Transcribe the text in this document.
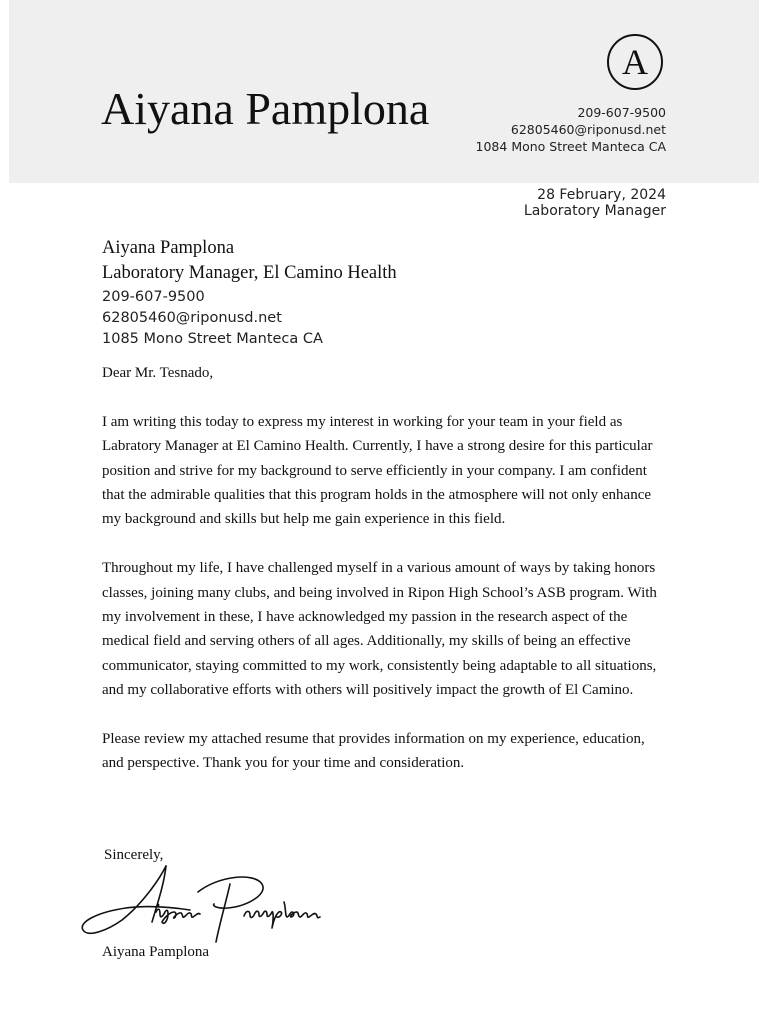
Aiyana Pamplona
A
209-607-9500
62805460@riponusd.net
1084 Mono Street Manteca CA
28 February, 2024
Laboratory Manager
Aiyana Pamplona
Laboratory Manager, El Camino Health
209-607-9500
62805460@riponusd.net
1085 Mono Street Manteca CA

Dear Mr. Tesnado,

I am writing this today to express my interest in working for your team in your field as Labratory Manager at El Camino Health. Currently, I have a strong desire for this particular position and strive for my background to serve efficiently in your company. I am confident that the admirable qualities that this program holds in the atmosphere will not only enhance my background and skills but help me gain experience in this field.

Throughout my life, I have challenged myself in a various amount of ways by taking honors classes, joining many clubs, and being involved in Ripon High School’s ASB program. With my involvement in these, I have acknowledged my passion in the research aspect of the medical field and serving others of all ages. Additionally, my skills of being an effective communicator, staying committed to my work, consistently being adaptable to all situations, and my collaborative efforts with others will positively impact the growth of El Camino.

Please review my attached resume that provides information on my experience, education, and perspective. Thank you for your time and consideration.

Sincerely,
Aiyana Pamplona
